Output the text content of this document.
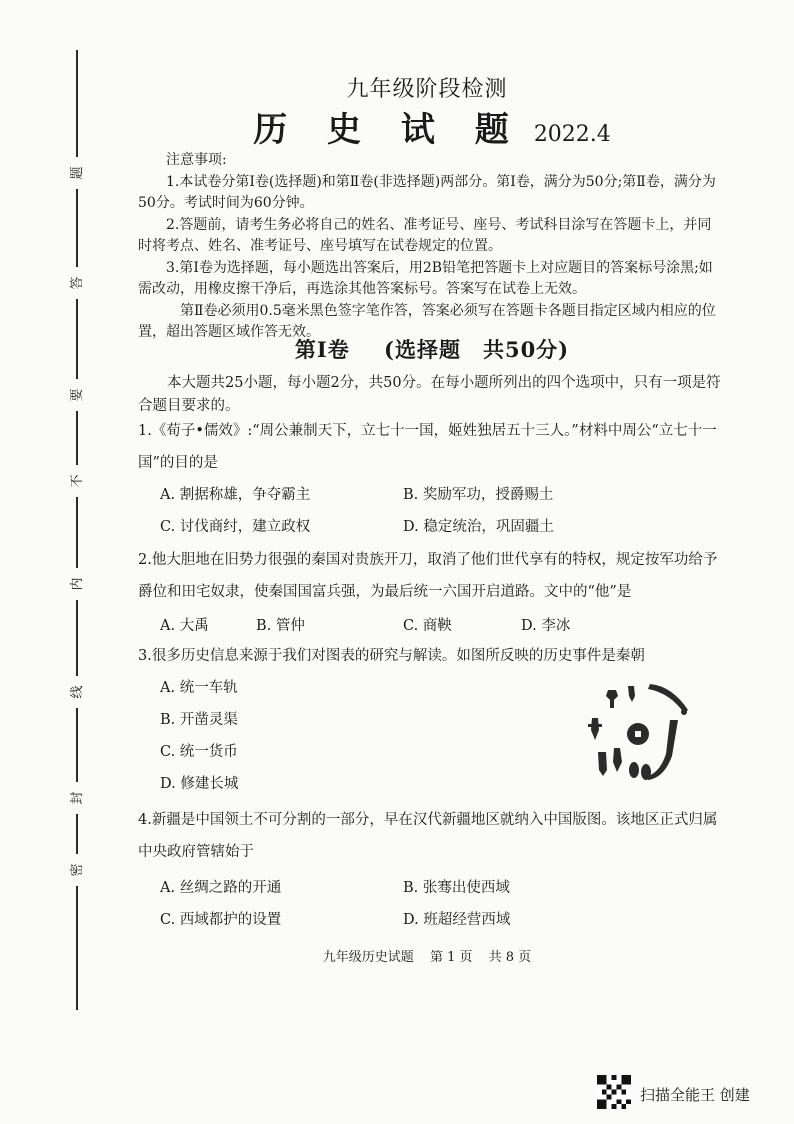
题
答
要
不
内
线
封
密
九年级阶段检测
历 史 试 题 2022.4

注意事项:

1.本试卷分第Ⅰ卷(选择题)和第Ⅱ卷(非选择题)两部分。第Ⅰ卷，满分为50分;第Ⅱ卷，满分为50分。考试时间为60分钟。

2.答题前，请考生务必将自己的姓名、准考证号、座号、考试科目涂写在答题卡上，并同时将考点、姓名、准考证号、座号填写在试卷规定的位置。

3.第Ⅰ卷为选择题，每小题选出答案后，用2B铅笔把答题卡上对应题目的答案标号涂黑;如需改动，用橡皮擦干净后，再选涂其他答案标号。答案写在试卷上无效。

第Ⅱ卷必须用0.5毫米黑色签字笔作答，答案必须写在答题卡各题目指定区域内相应的位置，超出答题区域作答无效。

第Ⅰ卷 (选择题　共50分)

本大题共25小题，每小题2分，共50分。在每小题所列出的四个选项中，只有一项是符合题目要求的。

1.《荀子•儒效》:“周公兼制天下，立七十一国，姬姓独居五十三人。”材料中周公“立七十一国”的目的是

A. 割据称雄，争夺霸主	B. 奖励军功，授爵赐土
C. 讨伐商纣，建立政权	D. 稳定统治，巩固疆土

2.他大胆地在旧势力很强的秦国对贵族开刀，取消了他们世代享有的特权，规定按军功给予爵位和田宅奴隶，使秦国国富兵强，为最后统一六国开启道路。文中的“他”是

A. 大禹	B. 管仲	C. 商鞅	D. 李冰

3.很多历史信息来源于我们对图表的研究与解读。如图所反映的历史事件是秦朝

A. 统一车轨
B. 开凿灵渠
C. 统一货币
D. 修建长城

4.新疆是中国领土不可分割的一部分，早在汉代新疆地区就纳入中国版图。该地区正式归属中央政府管辖始于

A. 丝绸之路的开通	B. 张骞出使西域
C. 西域都护的设置	D. 班超经营西域
九年级历史试题 第 1 页 共 8 页
扫描全能王 创建
